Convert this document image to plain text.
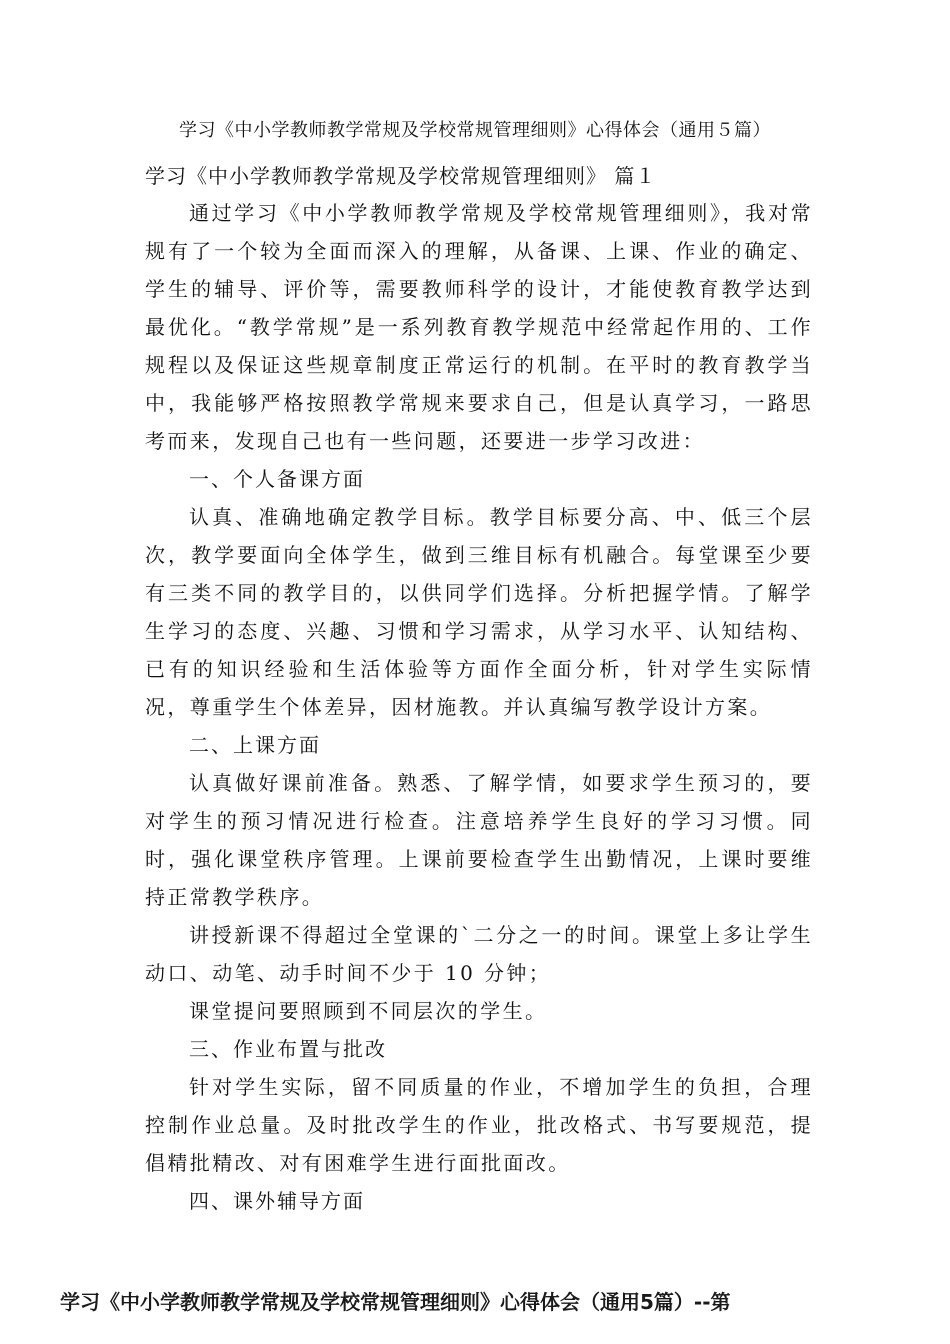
学习《中小学教师教学常规及学校常规管理细则》心得体会（通用５篇）
学习《中小学教师教学常规及学校常规管理细则》 篇１

通过学习《中小学教师教学常规及学校常规管理细则》，我对常规有了一个较为全面而深入的理解，从备课、上课、作业的确定、学生的辅导、评价等，需要教师科学的设计，才能使教育教学达到最优化。“教学常规”是一系列教育教学规范中经常起作用的、工作规程以及保证这些规章制度正常运行的机制。在平时的教育教学当中，我能够严格按照教学常规来要求自己，但是认真学习，一路思考而来，发现自己也有一些问题，还要进一步学习改进：

一、个人备课方面

认真、准确地确定教学目标。教学目标要分高、中、低三个层次，教学要面向全体学生，做到三维目标有机融合。每堂课至少要有三类不同的教学目的，以供同学们选择。分析把握学情。了解学生学习的态度、兴趣、习惯和学习需求，从学习水平、认知结构、已有的知识经验和生活体验等方面作全面分析，针对学生实际情况，尊重学生个体差异，因材施教。并认真编写教学设计方案。

二、上课方面

认真做好课前准备。熟悉、了解学情，如要求学生预习的，要对学生的预习情况进行检查。注意培养学生良好的学习习惯。同时，强化课堂秩序管理。上课前要检查学生出勤情况，上课时要维持正常教学秩序。

讲授新课不得超过全堂课的`二分之一的时间。课堂上多让学生动口、动笔、动手时间不少于 10 分钟；

课堂提问要照顾到不同层次的学生。

三、作业布置与批改

针对学生实际，留不同质量的作业，不增加学生的负担，合理控制作业总量。及时批改学生的作业，批改格式、书写要规范，提倡精批精改、对有困难学生进行面批面改。

四、课外辅导方面

学习《中小学教师教学常规及学校常规管理细则》心得体会（通用5篇）--第
